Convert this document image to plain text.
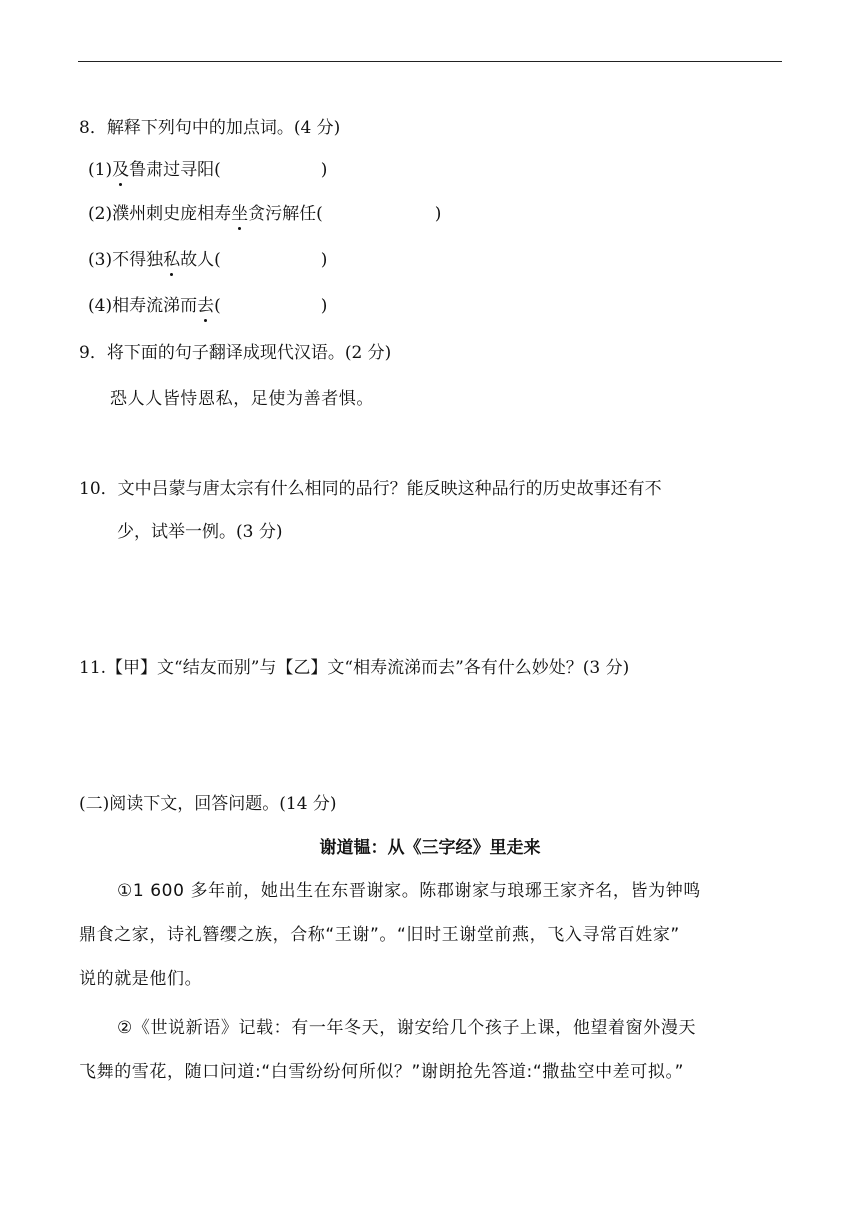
8．解释下列句中的加点词。(4 分)
(1)及鲁肃过寻阳(	)
(2)濮州刺史庞相寿坐贪污解任(	)
(3)不得独私故人(	)
(4)相寿流涕而去(	)
9．将下面的句子翻译成现代汉语。(2 分)
恐人人皆恃恩私，足使为善者惧。
10．文中吕蒙与唐太宗有什么相同的品行？能反映这种品行的历史故事还有不
少，试举一例。(3 分)
11.【甲】文“结友而别”与【乙】文“相寿流涕而去”各有什么妙处？(3 分)
(二)阅读下文，回答问题。(14 分)
谢道韫：从《三字经》里走来
①1 600 多年前，她出生在东晋谢家。陈郡谢家与琅琊王家齐名，皆为钟鸣
鼎食之家，诗礼簪缨之族，合称“王谢”。“旧时王谢堂前燕，飞入寻常百姓家”
说的就是他们。
②《世说新语》记载：有一年冬天，谢安给几个孩子上课，他望着窗外漫天
飞舞的雪花，随口问道:“白雪纷纷何所似？”谢朗抢先答道:“撒盐空中差可拟。”
